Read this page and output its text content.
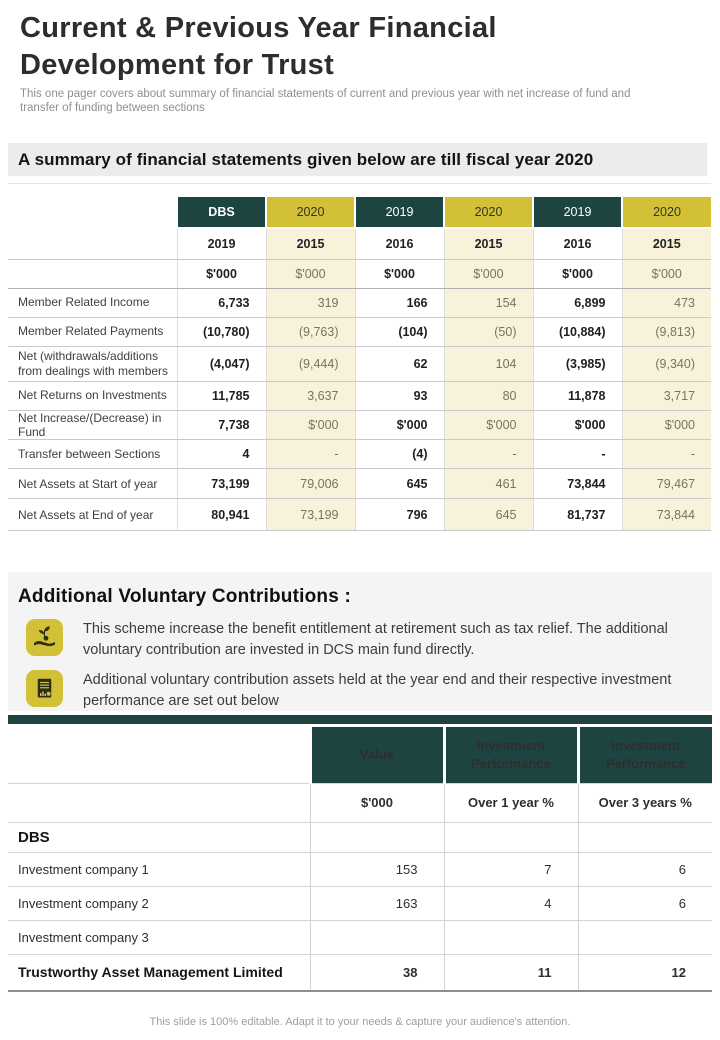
Current & Previous Year Financial Development for Trust

This one pager covers about summary of financial statements of current and previous year with net increase of fund and transfer of funding between sections

A summary of financial statements given below are till fiscal year 2020
	DBS	2020	2019	2020	2019	2020
	2019	2015	2016	2015	2016	2015
	$'000	$'000	$'000	$'000	$'000	$'000
Member Related Income	6,733	319	166	154	6,899	473
Member Related Payments	(10,780)	(9,763)	(104)	(50)	(10,884)	(9,813)
Net (withdrawals/additions from dealings with members	(4,047)	(9,444)	62	104	(3,985)	(9,340)
Net Returns on Investments	11,785	3,637	93	80	11,878	3,717
Net Increase/(Decrease) in Fund	7,738	$'000	$'000	$'000	$'000	$'000
Transfer between Sections	4	-	(4)	-	-	-
Net Assets at Start of year	73,199	79,006	645	461	73,844	79,467
Net Assets at End of year	80,941	73,199	796	645	81,737	73,844
Additional Voluntary Contributions :

This scheme increase the benefit entitlement at retirement such as tax relief. The additional voluntary contribution are invested in DCS main fund directly.

Additional voluntary contribution assets held at the year end and their respective investment performance are set out below

	Value	Investment Performance	Investment Performance
	$'000	Over 1 year %	Over 3 years %
DBS			
Investment company 1	153	7	6
Investment company 2	163	4	6
Investment company 3			
Trustworthy Asset Management Limited	38	11	12
This slide is 100% editable. Adapt it to your needs & capture your audience's attention.
